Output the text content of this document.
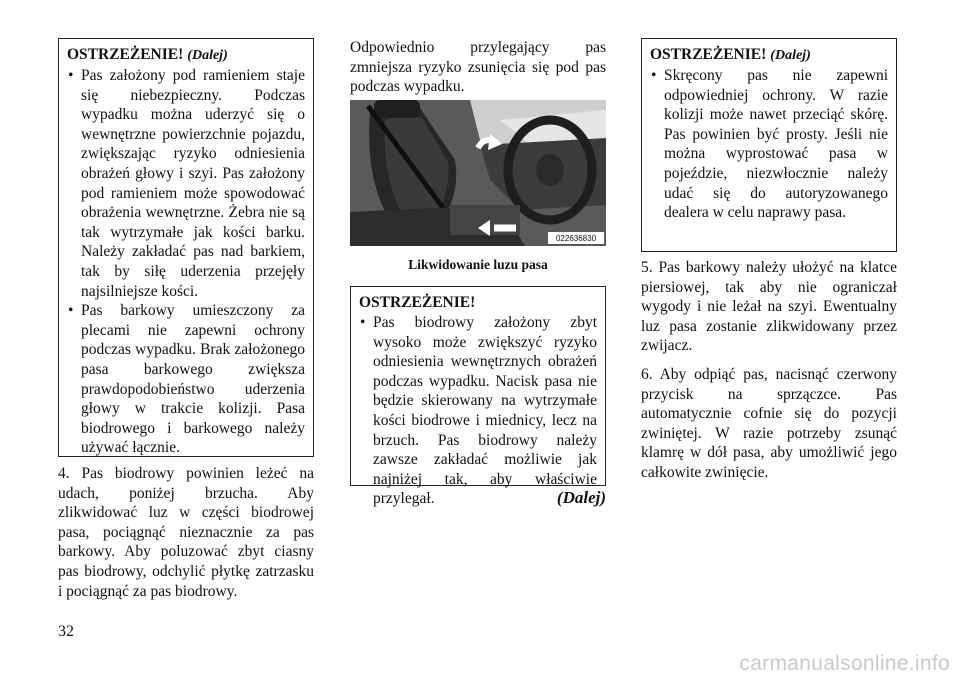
OSTRZEŻENIE! (Dalej)
• Pas założony pod ramieniem staje się niebezpieczny. Podczas wypadku można uderzyć się o wewnętrzne powierzchnie pojazdu, zwiększając ryzyko odniesienia obrażeń głowy i szyi. Pas założony pod ramieniem może spowodować obrażenia wewnętrzne. Żebra nie są tak wytrzymałe jak kości barku. Należy zakładać pas nad barkiem, tak by siłę uderzenia przejęły najsilniejsze kości.
• Pas barkowy umieszczony za plecami nie zapewni ochrony podczas wypadku. Brak założonego pasa barkowego zwiększa prawdopodobieństwo uderzenia głowy w trakcie kolizji. Pasa biodrowego i barkowego należy używać łącznie.

4. Pas biodrowy powinien leżeć na udach, poniżej brzucha. Aby zlikwidować luz w części biodrowej pasa, pociągnąć nieznacznie za pas barkowy. Aby poluzować zbyt ciasny pas biodrowy, odchylić płytkę zatrzasku i pociągnąć za pas biodrowy.

Odpowiednio przylegający pas zmniejsza ryzyko zsunięcia się pod pas podczas wypadku.

022636830
Likwidowanie luzu pasa
OSTRZEŻENIE!
• Pas biodrowy założony zbyt wysoko może zwiększyć ryzyko odniesienia wewnętrznych obrażeń podczas wypadku. Nacisk pasa nie będzie skierowany na wytrzymałe kości biodrowe i miednicy, lecz na brzuch. Pas biodrowy należy zawsze zakładać możliwie jak najniżej tak, aby właściwie przylegał.	(Dalej)
OSTRZEŻENIE! (Dalej)
• Skręcony pas nie zapewni odpowiedniej ochrony. W razie kolizji może nawet przeciąć skórę. Pas powinien być prosty. Jeśli nie można wyprostować pasa w pojeździe, niezwłocznie należy udać się do autoryzowanego dealera w celu naprawy pasa.

5. Pas barkowy należy ułożyć na klatce piersiowej, tak aby nie ograniczał wygody i nie leżał na szyi. Ewentualny luz pasa zostanie zlikwidowany przez zwijacz.

6. Aby odpiąć pas, nacisnąć czerwony przycisk na sprzączce. Pas automatycznie cofnie się do pozycji zwiniętej. W razie potrzeby zsunąć klamrę w dół pasa, aby umożliwić jego całkowite zwinięcie.

32
carmanualsonline.info
